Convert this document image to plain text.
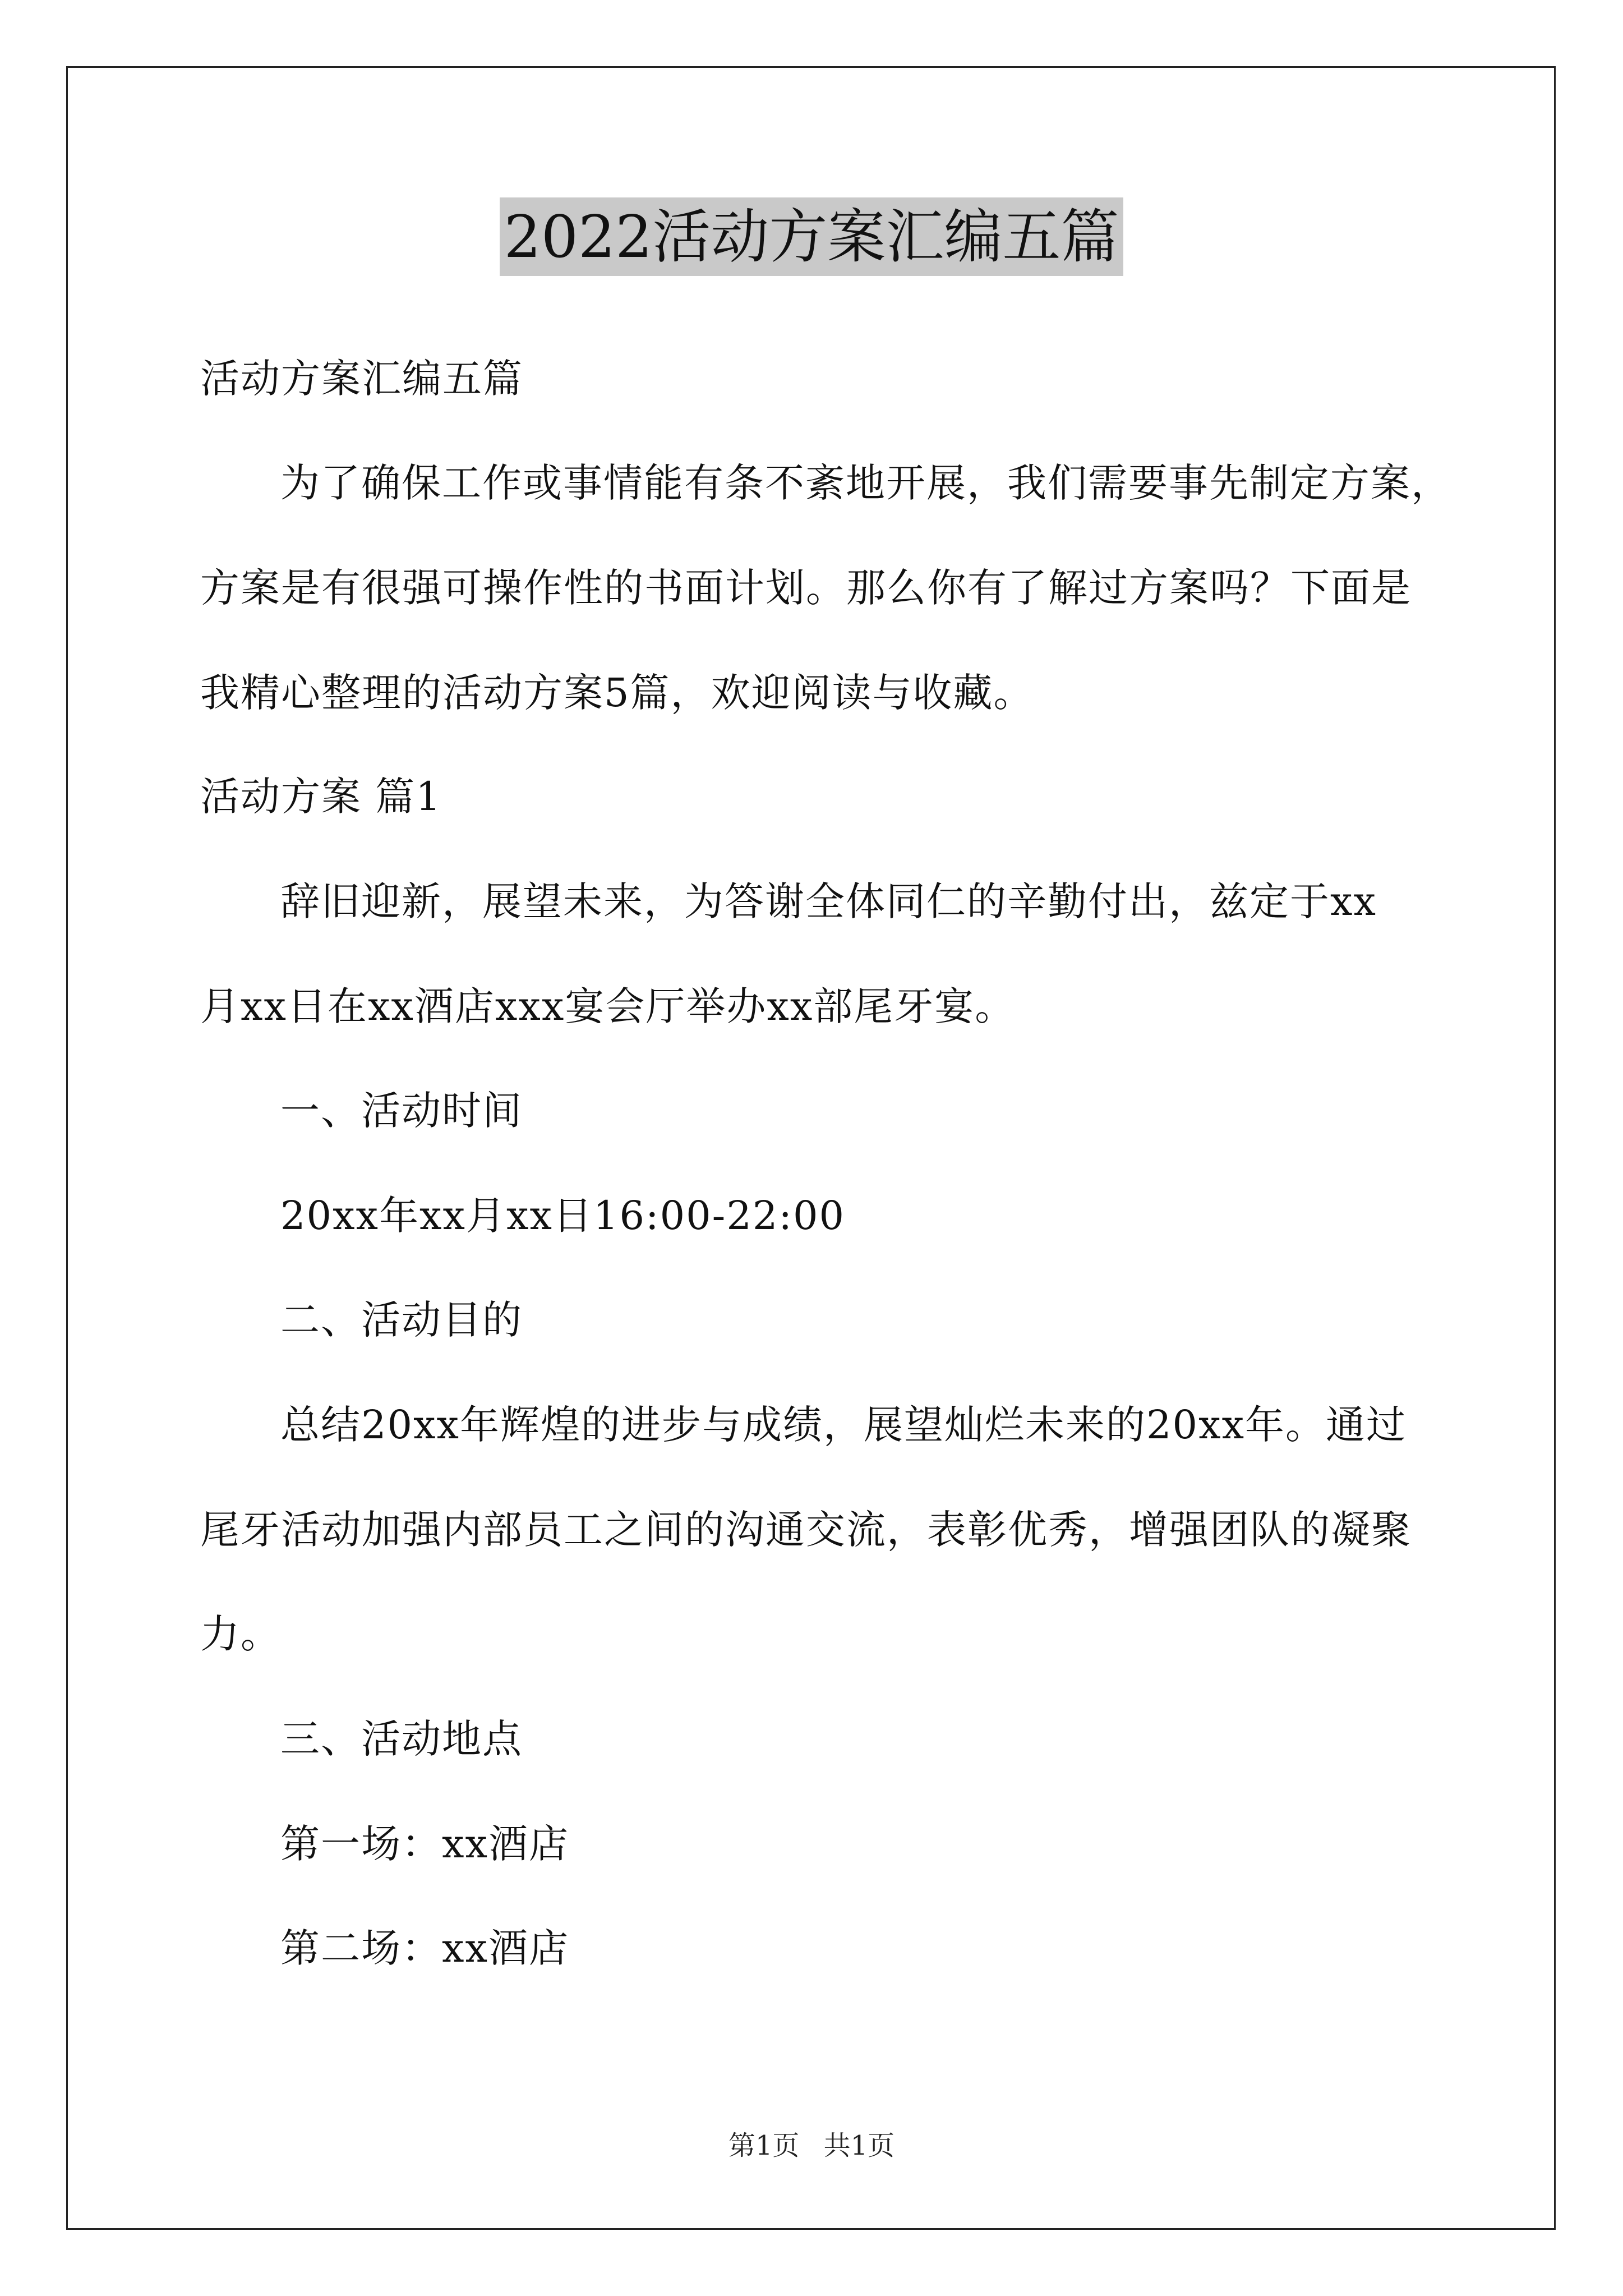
2022活动方案汇编五篇
活动方案汇编五篇
为了确保工作或事情能有条不紊地开展，我们需要事先制定方案，
方案是有很强可操作性的书面计划。那么你有了解过方案吗？下面是
我精心整理的活动方案5篇，欢迎阅读与收藏。
活动方案 篇1
辞旧迎新，展望未来，为答谢全体同仁的辛勤付出，兹定于xx
月xx日在xx酒店xxx宴会厅举办xx部尾牙宴。
一、活动时间
20xx年xx月xx日16:00-22:00
二、活动目的
总结20xx年辉煌的进步与成绩，展望灿烂未来的20xx年。通过
尾牙活动加强内部员工之间的沟通交流，表彰优秀，增强团队的凝聚
力。
三、活动地点
第一场：xx酒店
第二场：xx酒店
第1页 共1页
